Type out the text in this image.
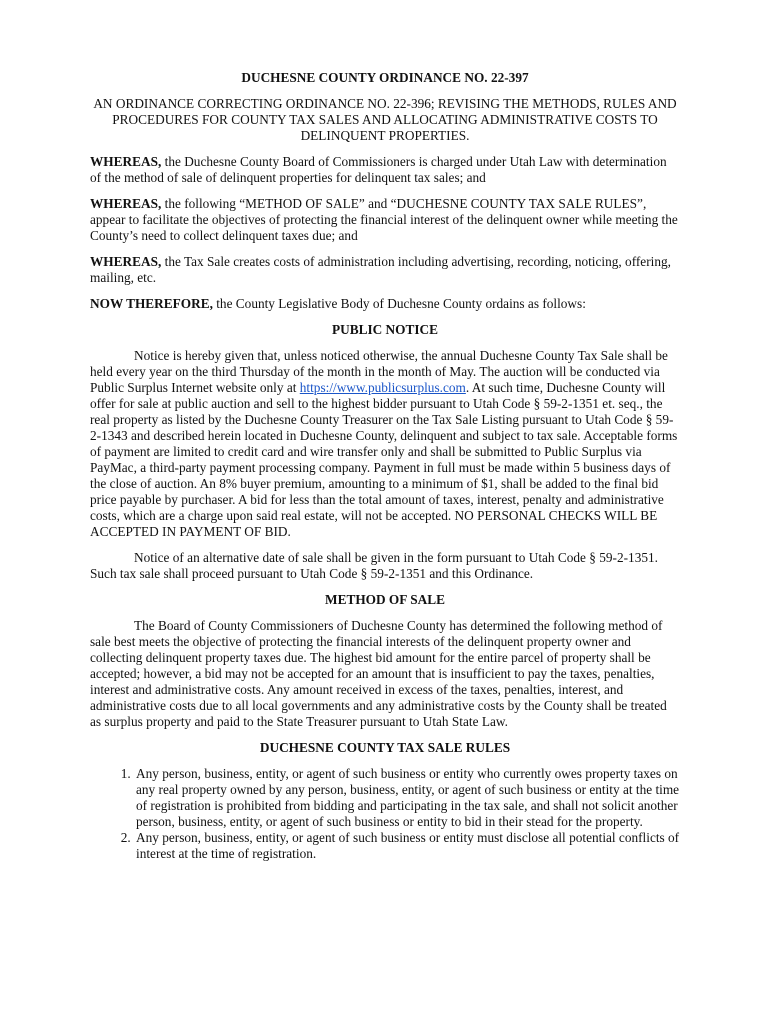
DUCHESNE COUNTY ORDINANCE NO. 22-397
AN ORDINANCE CORRECTING ORDINANCE NO. 22-396; REVISING THE METHODS, RULES AND PROCEDURES FOR COUNTY TAX SALES AND ALLOCATING ADMINISTRATIVE COSTS TO DELINQUENT PROPERTIES.

WHEREAS, the Duchesne County Board of Commissioners is charged under Utah Law with determination of the method of sale of delinquent properties for delinquent tax sales; and

WHEREAS, the following “METHOD OF SALE” and “DUCHESNE COUNTY TAX SALE RULES”, appear to facilitate the objectives of protecting the financial interest of the delinquent owner while meeting the County’s need to collect delinquent taxes due; and

WHEREAS, the Tax Sale creates costs of administration including advertising, recording, noticing, offering, mailing, etc.

NOW THEREFORE, the County Legislative Body of Duchesne County ordains as follows:

PUBLIC NOTICE

Notice is hereby given that, unless noticed otherwise, the annual Duchesne County Tax Sale shall be held every year on the third Thursday of the month in the month of May. The auction will be conducted via Public Surplus Internet website only at https://www.publicsurplus.com. At such time, Duchesne County will offer for sale at public auction and sell to the highest bidder pursuant to Utah Code § 59-2-1351 et. seq., the real property as listed by the Duchesne County Treasurer on the Tax Sale Listing pursuant to Utah Code § 59-2-1343 and described herein located in Duchesne County, delinquent and subject to tax sale. Acceptable forms of payment are limited to credit card and wire transfer only and shall be submitted to Public Surplus via PayMac, a third-party payment processing company. Payment in full must be made within 5 business days of the close of auction. An 8% buyer premium, amounting to a minimum of $1, shall be added to the final bid price payable by purchaser. A bid for less than the total amount of taxes, interest, penalty and administrative costs, which are a charge upon said real estate, will not be accepted. NO PERSONAL CHECKS WILL BE ACCEPTED IN PAYMENT OF BID.

Notice of an alternative date of sale shall be given in the form pursuant to Utah Code § 59-2-1351. Such tax sale shall proceed pursuant to Utah Code § 59-2-1351 and this Ordinance.

METHOD OF SALE

The Board of County Commissioners of Duchesne County has determined the following method of sale best meets the objective of protecting the financial interests of the delinquent property owner and collecting delinquent property taxes due. The highest bid amount for the entire parcel of property shall be accepted; however, a bid may not be accepted for an amount that is insufficient to pay the taxes, penalties, interest and administrative costs. Any amount received in excess of the taxes, penalties, interest, and administrative costs due to all local governments and any administrative costs by the County shall be treated as surplus property and paid to the State Treasurer pursuant to Utah State Law.

DUCHESNE COUNTY TAX SALE RULES
1. Any person, business, entity, or agent of such business or entity who currently owes property taxes on any real property owned by any person, business, entity, or agent of such business or entity at the time of registration is prohibited from bidding and participating in the tax sale, and shall not solicit another person, business, entity, or agent of such business or entity to bid in their stead for the property.
2. Any person, business, entity, or agent of such business or entity must disclose all potential conflicts of interest at the time of registration.
